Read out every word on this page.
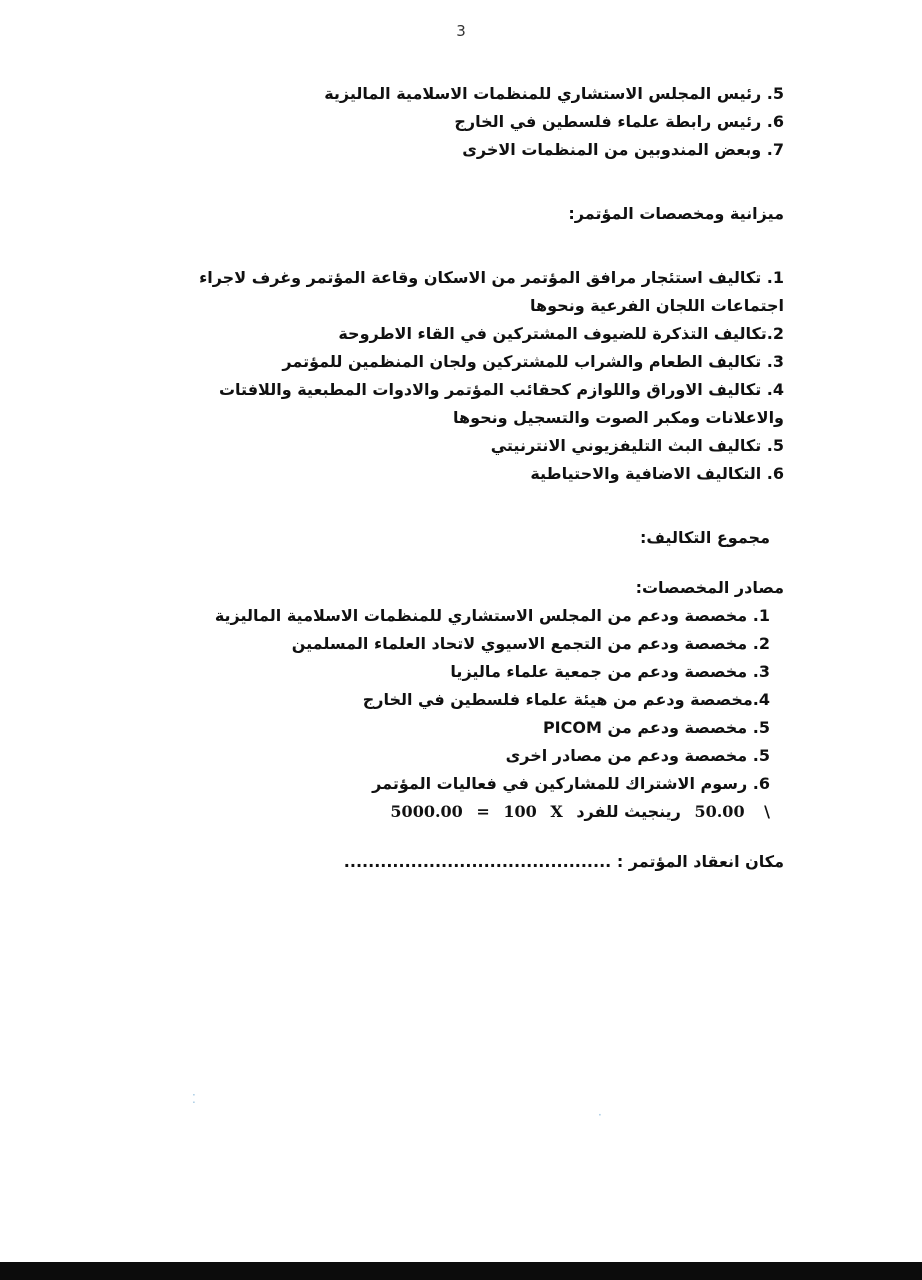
3
5. رئيس المجلس الاستشاري للمنظمات الاسلامية الماليزية
6. رئيس رابطة علماء فلسطين في الخارج
7. وبعض المندوبين من المنظمات الاخرى
ميزانية ومخصصات المؤتمر:
1. تكاليف استئجار مرافق المؤتمر من الاسكان وقاعة المؤتمر وغرف لاجراء اجتماعات اللجان الفرعية ونحوها
2.تكاليف التذكرة للضيوف المشتركين في القاء الاطروحة
3. تكاليف الطعام والشراب للمشتركين ولجان المنظمين للمؤتمر
4. تكاليف الاوراق واللوازم كحقائب المؤتمر والادوات المطبعية واللافتات والاعلانات ومكبر الصوت والتسجيل ونحوها
5. تكاليف البث التليفزيوني الانترنيتي
6. التكاليف الاضافية والاحتياطية
مجموع التكاليف:
مصادر المخصصات:
1. مخصصة ودعم من المجلس الاستشاري للمنظمات الاسلامية الماليزية
2. مخصصة ودعم من التجمع الاسيوي لاتحاد العلماء المسلمين
3. مخصصة ودعم من جمعية علماء ماليزيا
4.مخصصة ودعم من هيئة علماء فلسطين في الخارج
5. مخصصة ودعم من PICOM
5. مخصصة ودعم من مصادر اخرى
6. رسوم الاشتراك للمشاركين في فعاليات المؤتمر
5000.00 = 100 X رينجيث للفرد 50.00 \
مكان انعقاد المؤتمر : ............................................
⁚
·
